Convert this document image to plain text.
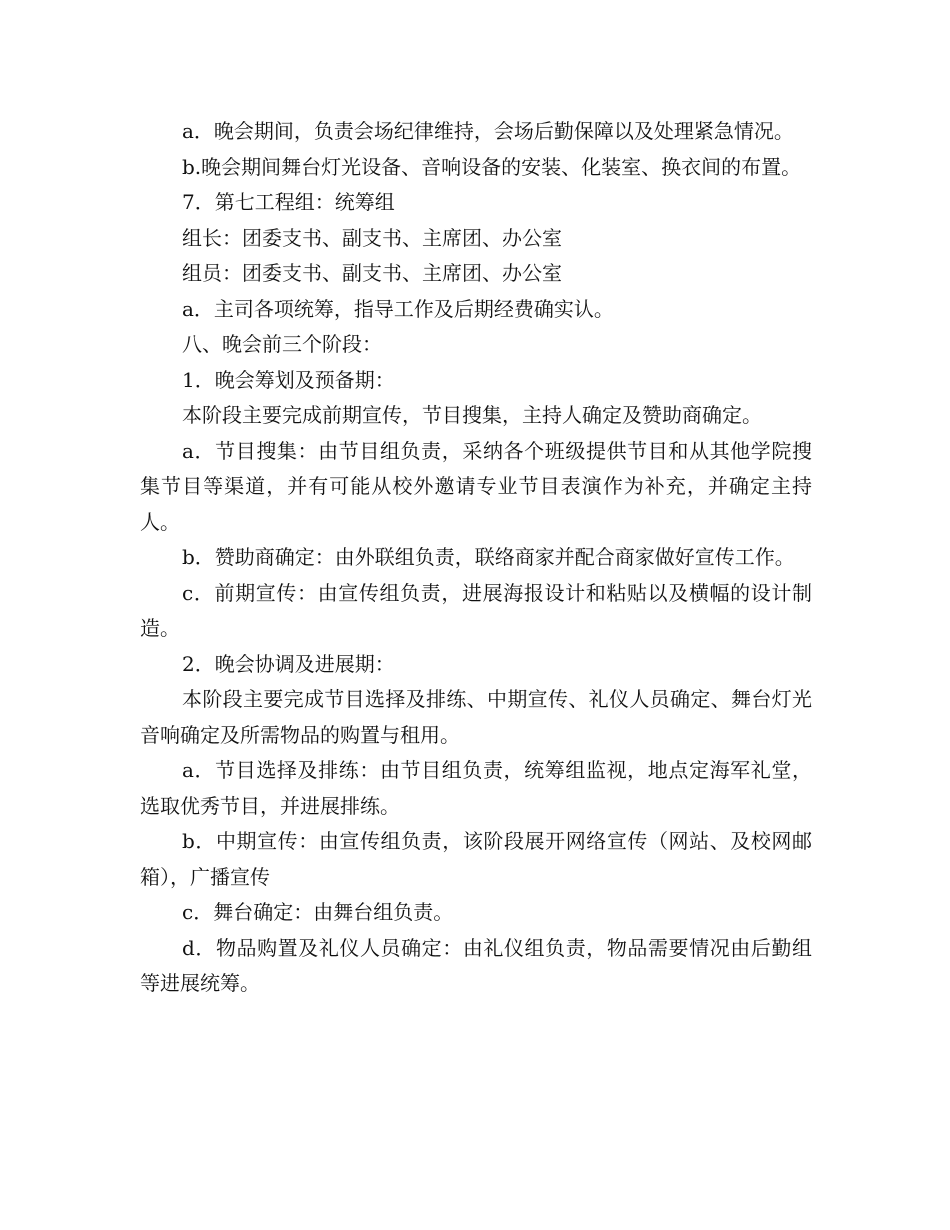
a．晚会期间，负责会场纪律维持，会场后勤保障以及处理紧急情况。

b.晚会期间舞台灯光设备、音响设备的安装、化装室、换衣间的布置。

7．第七工程组：统筹组

组长：团委支书、副支书、主席团、办公室

组员：团委支书、副支书、主席团、办公室

a．主司各项统筹，指导工作及后期经费确实认。

八、晚会前三个阶段：

1．晚会筹划及预备期：

本阶段主要完成前期宣传，节目搜集，主持人确定及赞助商确定。

a．节目搜集：由节目组负责，采纳各个班级提供节目和从其他学院搜集节目等渠道，并有可能从校外邀请专业节目表演作为补充，并确定主持人。

b．赞助商确定：由外联组负责，联络商家并配合商家做好宣传工作。

c．前期宣传：由宣传组负责，进展海报设计和粘贴以及横幅的设计制造。

2．晚会协调及进展期：

本阶段主要完成节目选择及排练、中期宣传、礼仪人员确定、舞台灯光音响确定及所需物品的购置与租用。

a．节目选择及排练：由节目组负责，统筹组监视，地点定海军礼堂，选取优秀节目，并进展排练。

b．中期宣传：由宣传组负责，该阶段展开网络宣传（网站、及校网邮箱），广播宣传

c．舞台确定：由舞台组负责。

d．物品购置及礼仪人员确定：由礼仪组负责，物品需要情况由后勤组等进展统筹。
